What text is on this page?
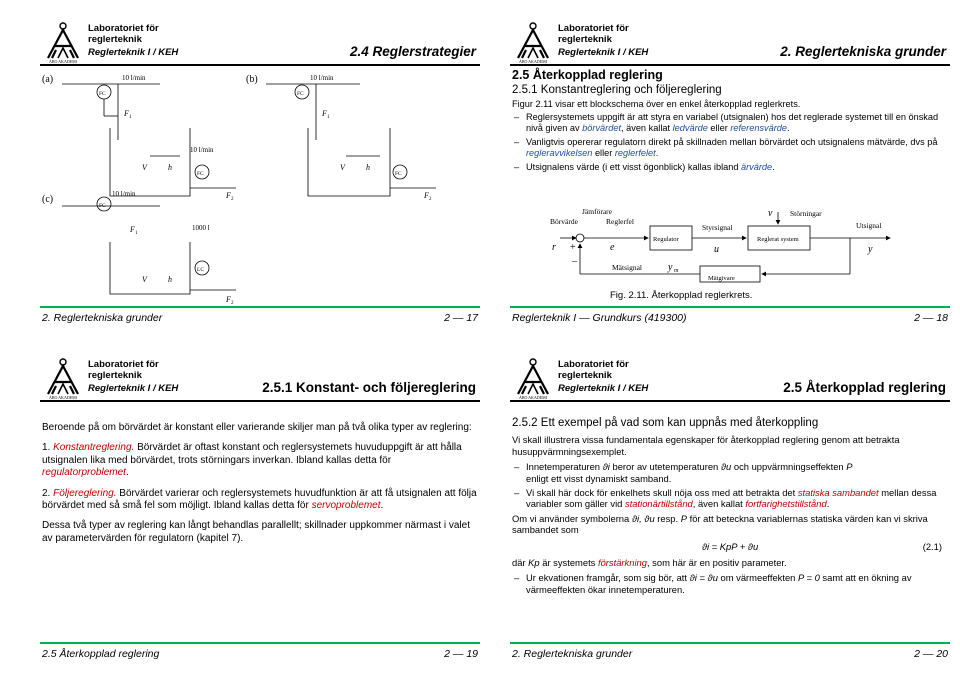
ÅBO AKADEMI
Laboratoriet för
reglerteknik
Reglerteknik I / KEH	2.4 Reglerstrategier
(a)
FC
10 l/min
F 1
V	h
FC
10 l/min
F 2
(b)
FC
10 l/min
F 1
V	h
FC
F 2
(c)
FC
10 l/min
F 1
1000 l
LC
V	h
F 2
2. Reglertekniska grunder	2 — 17
ÅBO AKADEMI
Laboratoriet för
reglerteknik
Reglerteknik I / KEH	2. Reglertekniska grunder
2.5 Återkopplad reglering
2.5.1 Konstantreglering och följereglering
Figur 2.11 visar ett blockschema över en enkel återkopplad reglerkrets.
– Reglersystemets uppgift är att styra en variabel (utsignalen) hos det reglerade systemet till en önskad nivå given av börvärdet, även kallat ledvärde eller referensvärde.
– Vanligtvis opererar regulatorn direkt på skillnaden mellan börvärdet och utsignalens mätvärde, dvs på regleravvikelsen eller reglerfelet.
– Utsignalens värde (i ett visst ögonblick) kallas ibland ärvärde.
Jämförare
Börvärde	Reglerfel
Regulator
Styrsignal
Störningar
Reglerat system
Utsignal
Mätsignal
Mätgivare
r +
–
e	u
v
y
y m
Fig. 2.11. Återkopplad reglerkrets.
Reglerteknik I — Grundkurs (419300)	2 — 18
ÅBO AKADEMI
Laboratoriet för
reglerteknik
Reglerteknik I / KEH	2.5.1 Konstant- och följereglering
Beroende på om börvärdet är konstant eller varierande skiljer man på två olika typer av reglering:
1. Konstantreglering. Börvärdet är oftast konstant och reglersystemets huvuduppgift är att hålla utsignalen lika med börvärdet, trots störningars inverkan. Ibland kallas detta för regulatorproblemet.
2. Följereglering. Börvärdet varierar och reglersystemets huvudfunktion är att få utsignalen att följa börvärdet med så små fel som möjligt. Ibland kallas detta för servoproblemet.
Dessa två typer av reglering kan långt behandlas parallellt; skillnader uppkommer närmast i valet av parametervärden för regulatorn (kapitel 7).
2.5 Återkopplad reglering	2 — 19
ÅBO AKADEMI
Laboratoriet för
reglerteknik
Reglerteknik I / KEH	2.5 Återkopplad reglering
2.5.2 Ett exempel på vad som kan uppnås med återkoppling
Vi skall illustrera vissa fundamentala egenskaper för återkopplad reglering genom att betrakta husuppvärmningsexemplet.
– Innetemperaturen ϑi beror av utetemperaturen ϑu och uppvärmningseffekten P
enligt ett visst dynamiskt samband.
– Vi skall här dock för enkelhets skull nöja oss med att betrakta det statiska sambandet mellan dessa variabler som gäller vid stationärtillstånd, även kallat fortfarighetstillstånd.
Om vi använder symbolerna ϑi, ϑu resp. P för att beteckna variablernas statiska värden kan vi skriva sambandet som
ϑi = KpP + ϑu	(2.1)
där Kp är systemets förstärkning, som här är en positiv parameter.
– Ur ekvationen framgår, som sig bör, att ϑi = ϑu om värmeeffekten P = 0 samt att en ökning av värmeeffekten ökar innetemperaturen.
2. Reglertekniska grunder	2 — 20
